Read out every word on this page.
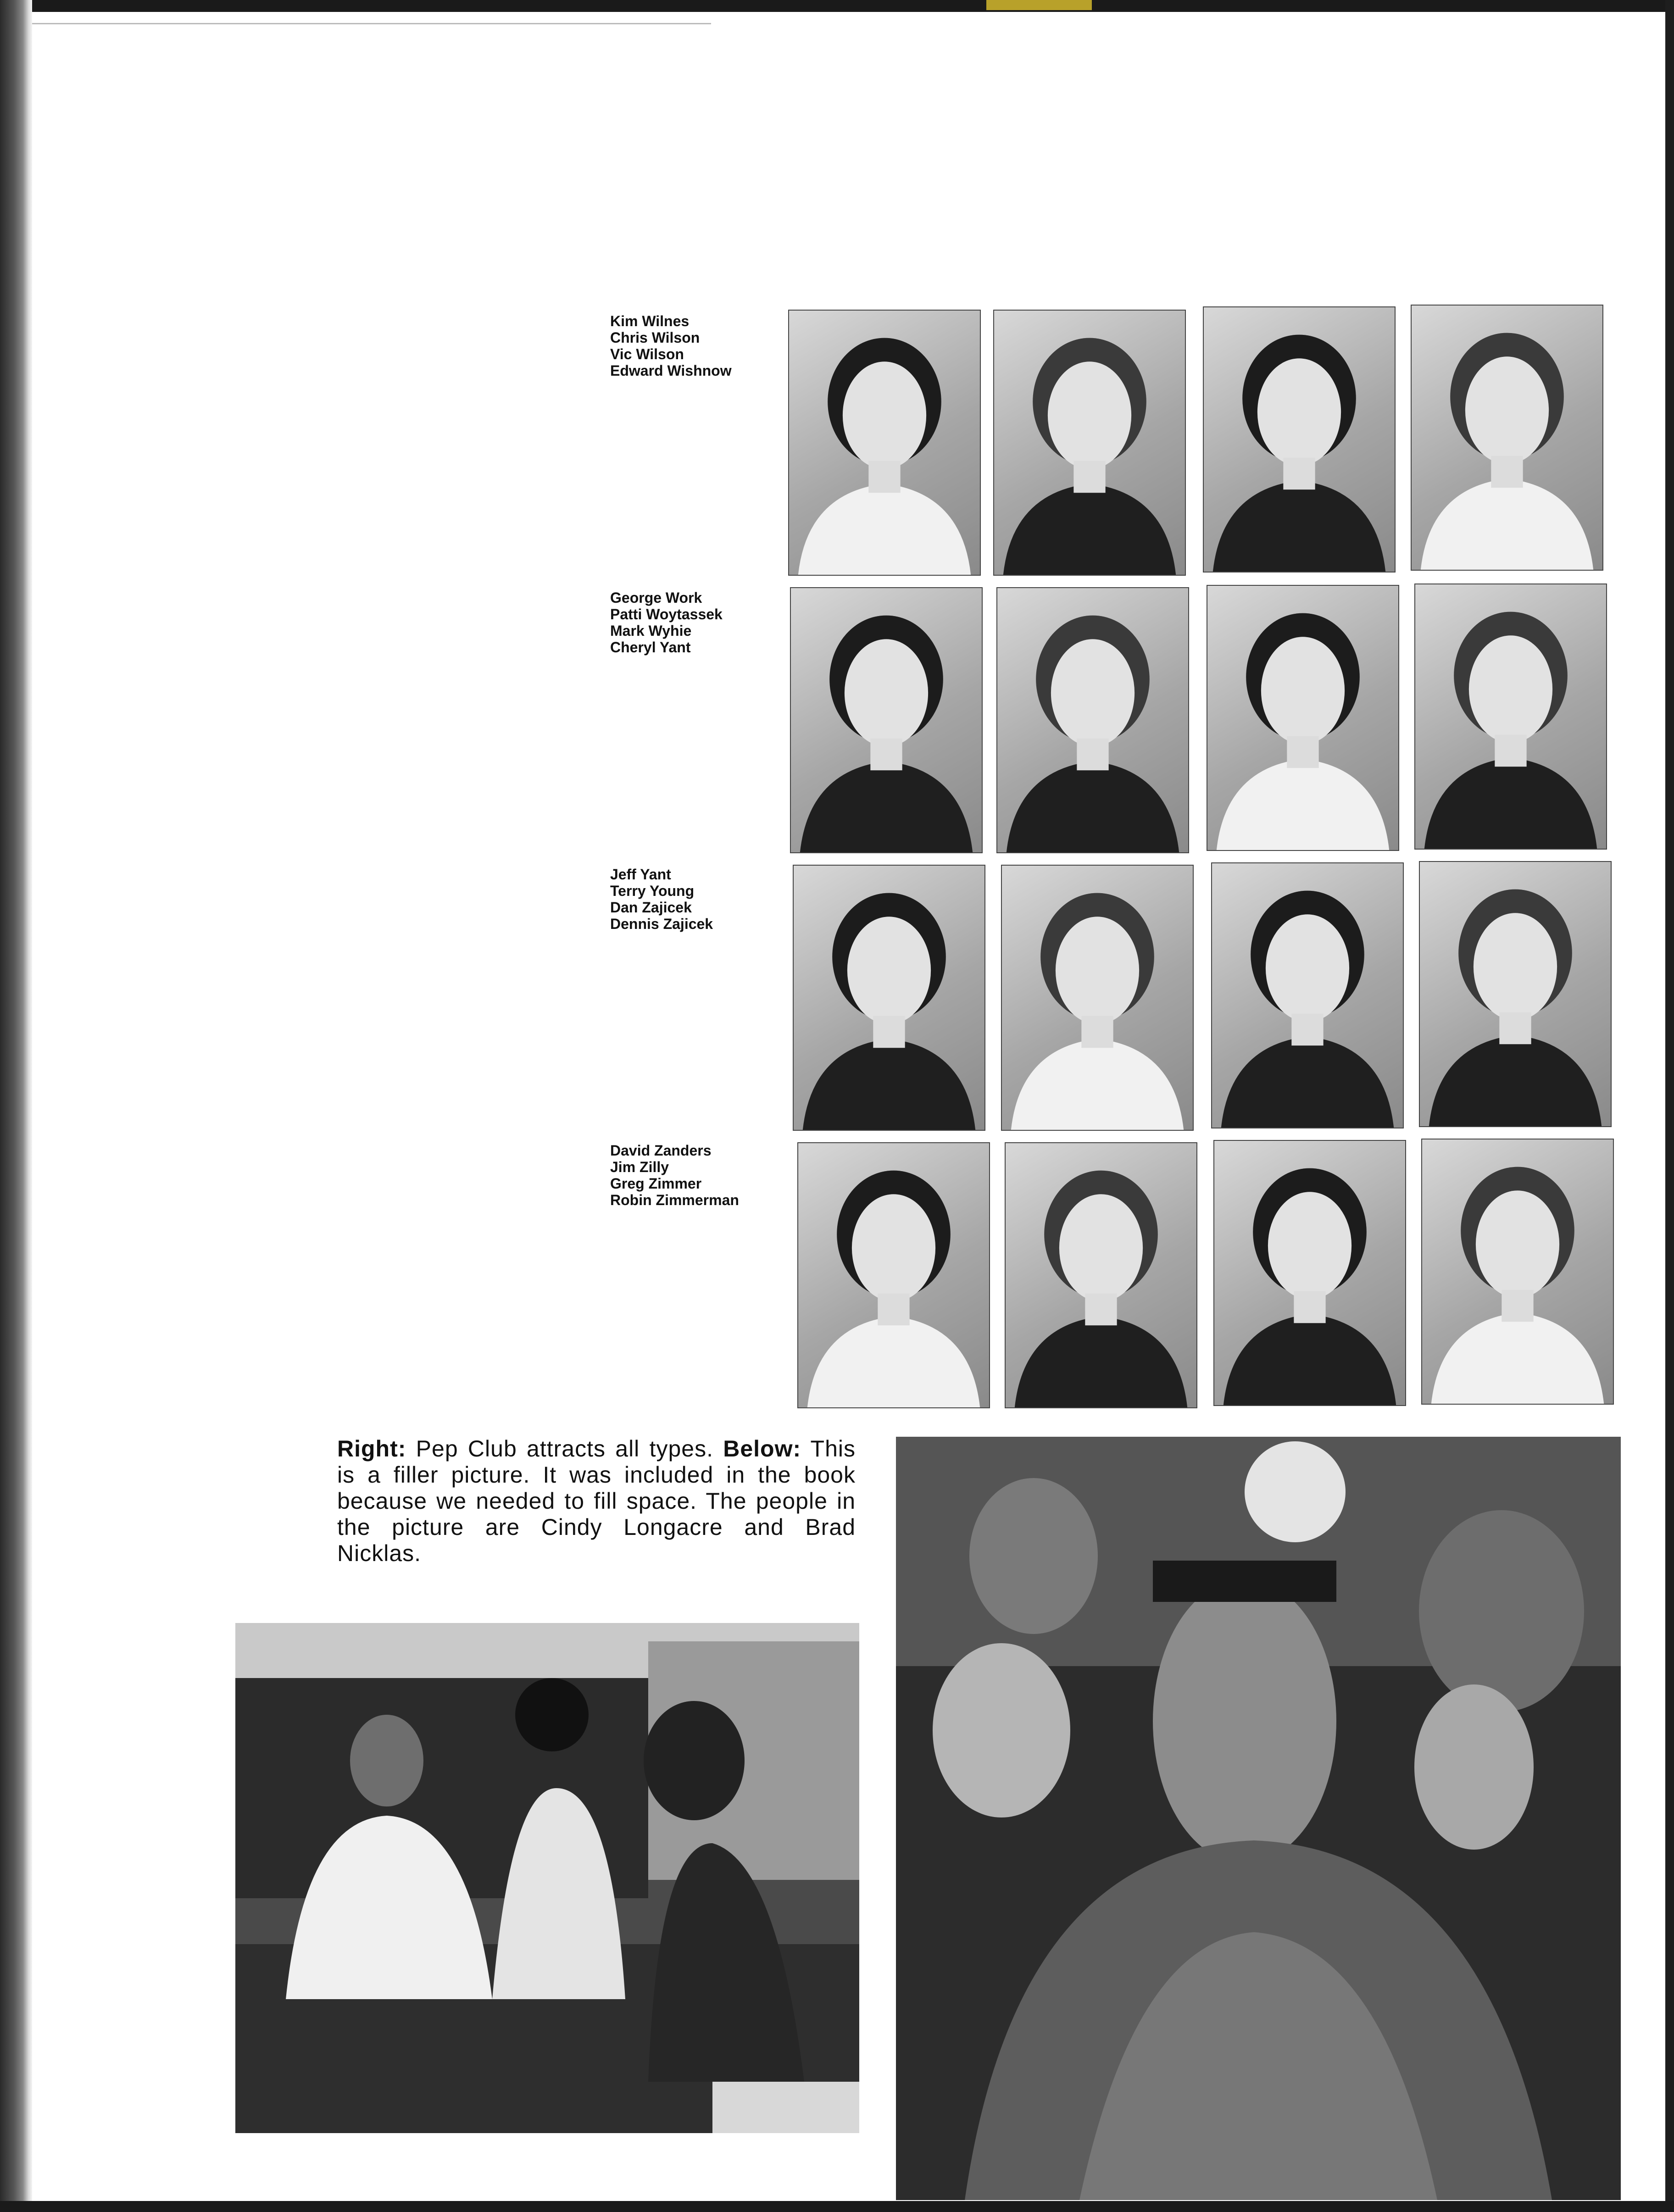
Kim Wilnes
Chris Wilson
Vic Wilson
Edward Wishnow
George Work
Patti Woytassek
Mark Wyhie
Cheryl Yant
Jeff Yant
Terry Young
Dan Zajicek
Dennis Zajicek
David Zanders
Jim Zilly
Greg Zimmer
Robin Zimmerman
Right: Pep Club attracts all types. Below: This is a filler picture. It was included in the book because we needed to fill space. The people in the picture are Cindy Longacre and Brad Nicklas.
